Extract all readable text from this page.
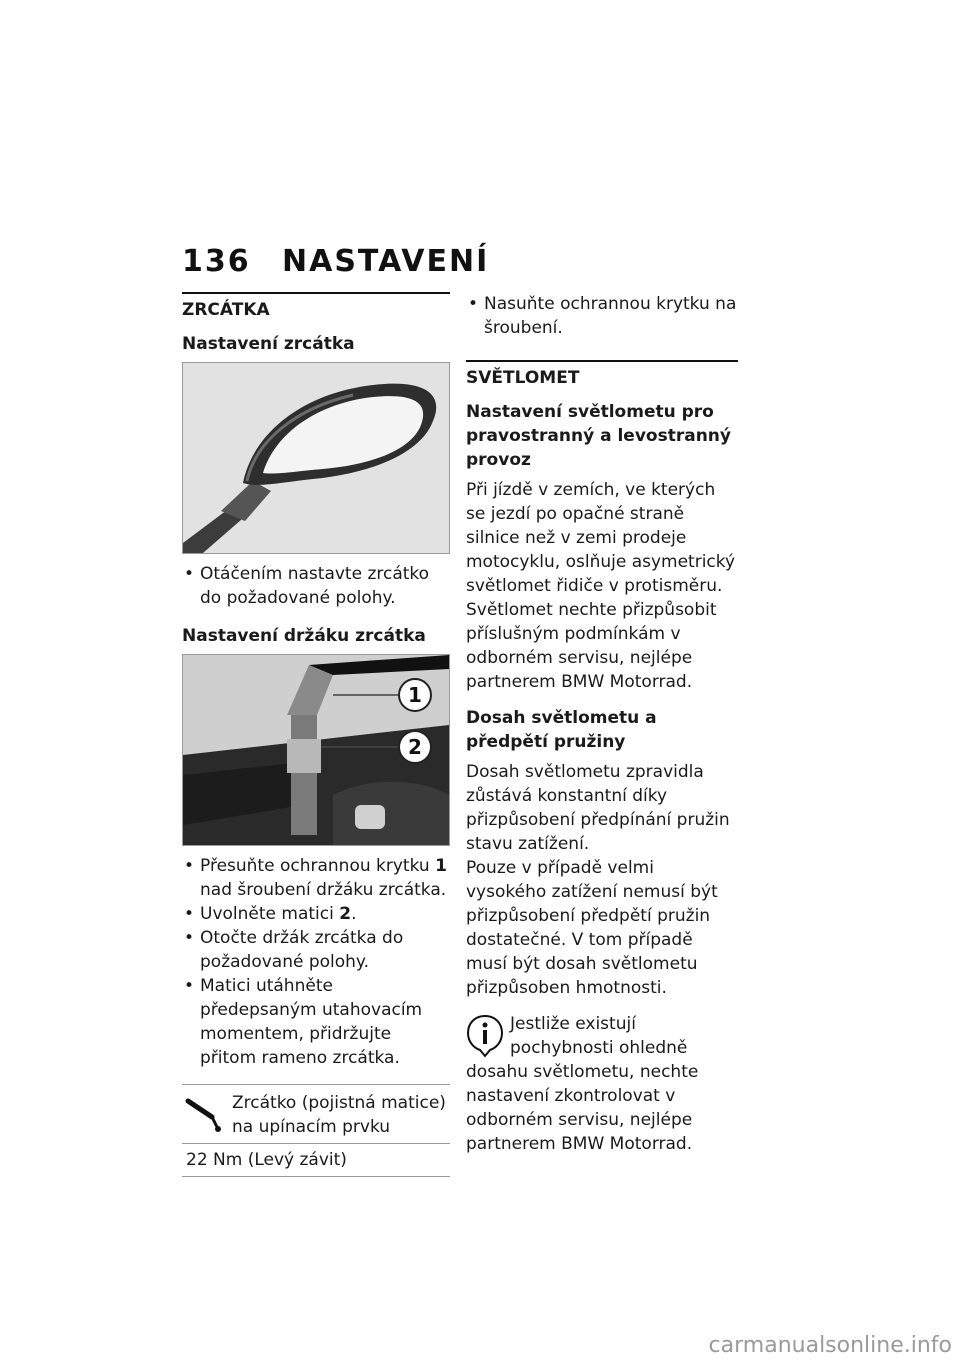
136 NASTAVENÍ
ZRCÁTKA
Nastavení zrcátka
• Otáčením nastavte zrcátko do požadované polohy.
Nastavení držáku zrcátka
1
2
• Přesuňte ochrannou krytku 1 nad šroubení držáku zrcátka.
• Uvolněte matici 2.
• Otočte držák zrcátka do požadované polohy.
• Matici utáhněte předepsaným utahovacím momentem, přidržujte přitom rameno zrcátka.

Zrcátko (pojistná matice) na upínacím prvku

22 Nm (Levý závit)
• Nasuňte ochrannou krytku na šroubení.
SVĚTLOMET
Nastavení světlometu pro pravostranný a levostranný provoz

Při jízdě v zemích, ve kterých se jezdí po opačné straně silnice než v zemi prodeje motocyklu, oslňuje asymetrický světlomet řidiče v protisměru.

Světlomet nechte přizpůsobit příslušným podmínkám v odborném servisu, nejlépe partnerem BMW Motorrad.

Dosah světlometu a předpětí pružiny

Dosah světlometu zpravidla zůstává konstantní díky přizpůsobení předpínání pružin stavu zatížení.

Pouze v případě velmi vysokého zatížení nemusí být přizpůsobení předpětí pružin dostatečné. V tom případě musí být dosah světlometu přizpůsoben hmotnosti.

Jestliže existují pochybnosti ohledně dosahu světlometu, nechte nastavení zkontrolovat v odborném servisu, nejlépe partnerem BMW Motorrad.

carmanualsonline.info
